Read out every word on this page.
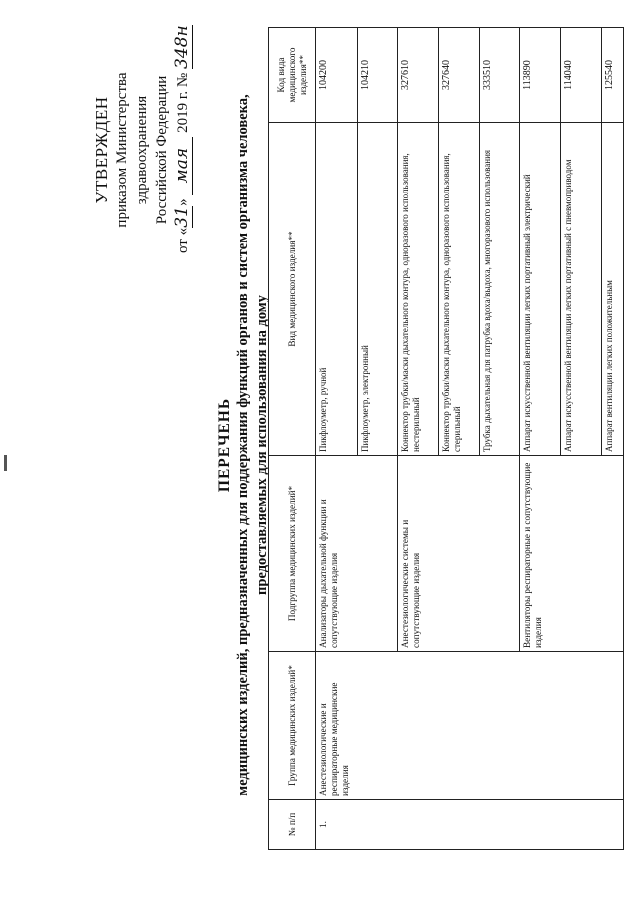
УТВЕРЖДЕН приказом Министерства здравоохранения Российской Федерации
от «31» мая 2019 г. № 348н
ПЕРЕЧЕНЬ медицинских изделий, предназначенных для поддержания функций органов и систем организма человека, предоставляемых для использования на дому
№ п/п	Группа медицинских изделий*	Подгруппа медицинских изделий*	Вид медицинского изделия**	Код вида медицинского изделия**
1.	Анестезиологические и респираторные медицинские изделия	Анализаторы дыхательной функции и сопутствующие изделия	Пикфлоуметр, ручной	104200
			Пикфлоуметр, электронный	104210
		Анестезиологические системы и сопутствующие изделия	Коннектор трубки/маски дыхательного контура, одноразового использования, нестерильный	327610
			Коннектор трубки/маски дыхательного контура, одноразового использования, стерильный	327640
			Трубка дыхательная для патрубка вдоха/выдоха, многоразового использования	333510
		Вентиляторы респираторные и сопутствующие изделия	Аппарат искусственной вентиляции легких портативный электрический	113890
			Аппарат искусственной вентиляции легких портативный с пневмоприводом	114040
			Аппарат вентиляции легких положительным	125540
